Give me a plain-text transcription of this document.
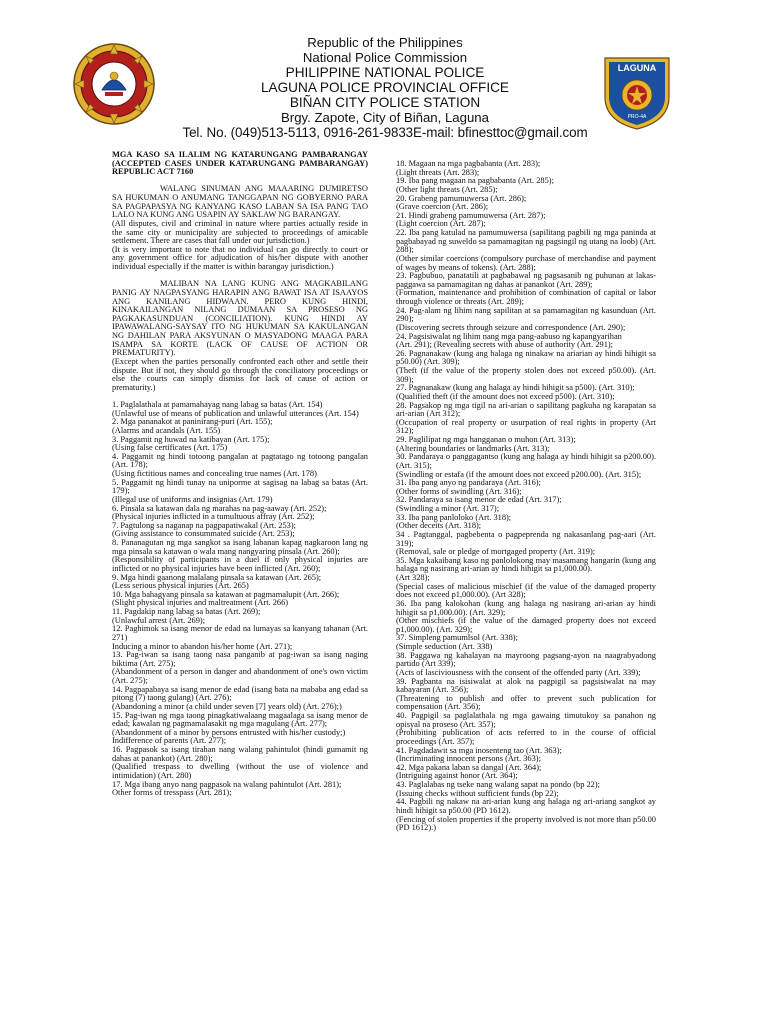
Republic of the Philippines
National Police Commission
PHILIPPINE NATIONAL POLICE
LAGUNA POLICE PROVINCIAL OFFICE
BIÑAN CITY POLICE STATION
Brgy. Zapote, City of Biñan, Laguna
Tel. No. (049)513-5113, 0916-261-9833E-mail: bfinesttoc@gmail.com
LAGUNA
PRO-4A

MGA KASO SA ILALIM NG KATARUNGANG PAMBARANGAY (ACCEPTED CASES UNDER KATARUNGANG PAMBARANGAY) REPUBLIC ACT 7160

WALANG SINUMAN ANG MAAARING DUMIRETSO SA HUKUMAN O ANUMANG TANGGAPAN NG GOBYERNO PARA SA PAGPAPASYA NG KANYANG KASO LABAN SA ISA PANG TAO LALO NA KUNG ANG USAPIN AY SAKLAW NG BARANGAY.

(All disputes, civil and criminal in nature where parties actually reside in the same city or municipality are subjected to proceedings of amicable settlement. There are cases that fall under our jurisdiction.)

(It is very important to note that no individual can go directly to court or any government office for adjudication of his/her dispute with another individual especially if the matter is within barangay jurisdiction.)

MALIBAN NA LANG KUNG ANG MAGKABILANG PANIG AY NAGPASYANG HARAPIN ANG BAWAT ISA AT ISAAYOS ANG KANILANG HIDWAAN. PERO KUNG HINDI, KINAKAILANGAN NILANG DUMAAN SA PROSESO NG PAGKAKASUNDUAN (CONCILIATION). KUNG HINDI AY IPAWAWALANG-SAYSAY ITO NG HUKUMAN SA KAKULANGAN NG DAHILAN PARA AKSYUNAN O MASYADONG MAAGA PARA ISAMPA SA KORTE (LACK OF CAUSE OF ACTION OR PREMATURITY).

(Except when the parties personally confronted each other and settle their dispute. But if not, they should go through the conciliatory proceedings or else the courts can simply dismiss for lack of cause of action or prematurity.)

1. Paglalathala at pamamahayag nang labag sa batas (Art. 154)

(Unlawful use of means of publication and unlawful utterances (Art. 154)

2. Mga pananakot at paninirang-puri (Art. 155);

(Alarms and acandals (Art. 155)

3. Paggamit ng huwad na katibayan (Art. 175);

(Using false certificates (Art. 175)

4. Paggamit ng hindi totoong pangalan at pagtatago ng totoong pangalan (Art. 178);

(Using fictitious names and concealing true names (Art. 178)

5. Paggamit ng hindi tunay na uniporme at sagisag na labag sa batas (Art. 179);

(Illegal use of uniforms and insignias (Art. 179)

6. Pinsala sa katawan dala ng marahas na pag-aaway (Art. 252);

(Physical injuries inflicted in a tumultuous affray (Art. 252);

7. Pagtulong sa naganap na pagpapatiwakal (Art. 253);

(Giving assistance to consummated suicide (Art. 253);

8. Pananagutan ng mga sangkot sa isang labanan kapag nagkaroon lang ng mga pinsala sa katawan o wala mang nangyaring pinsala (Art. 260);

(Responsibility of participants in a duel if only physical injuries are inflicted or no physical injuries have been inflicted (Art. 260);

9. Mga hindi gaanong malalang pinsala sa katawan (Art. 265);

(Less serious physical injuries (Art. 265)

10. Mga bahagyang pinsala sa katawan at pagmamalupit (Art. 266);

(Slight physical injuries and maltreatment (Art. 266)

11. Pagdakip nang labag sa batas (Art. 269);

(Unlawful arrest (Art. 269);

12. Paghimok sa isang menor de edad na lumayas sa kanyang tahanan (Art. 271)

Inducing a minor to abandon his/her home (Art. 271);

13. Pag-iwan sa isang taong nasa panganib at pag-iwan sa isang naging biktima (Art. 275);

(Abandonment of a person in danger and abandonment of one's own victim (Art. 275);

14. Pagpapabaya sa isang menor de edad (isang bata na mababa ang edad sa pitong (7) taong gulang) (Art. 276);

(Abandoning a minor (a child under seven [7] years old) (Art. 276);)

15. Pag-iwan ng mga taong pinagkatiwalaang magaalaga sa isang menor de edad; kawalan ng pagmamalasakit ng mga magulang (Art. 277);

(Abandonment of a minor by persons entrusted with his/her custody;)

Indifference of parents (Art. 277);

16. Pagpasok sa isang tirahan nang walang pahintulot (hindi gumamit ng dahas at panankot) (Art. 280);

(Qualified trespass to dwelling (without the use of violence and intimidation) (Art. 280)

17. Mga ibang anyo nang pagpasok na walang pahintulot (Art. 281);

Other forms of tresspass (Art. 281);

18. Magaan na mga pagbabanta (Art. 283);

(Light threats (Art. 283);

19. Iba pang magaan na pagbabanta (Art. 285);

(Other light threats (Art. 285);

20. Grabeng pamumuwersa (Art. 286);

(Grave coercion (Art. 286);

21. Hindi grabeng pamumuwersa (Art. 287);

(Light coercion (Art. 287);

22. Iba pang katulad na pamumuwersa (sapilitang pagbili ng mga paninda at pagbabayad ng suweldo sa pamamagitan ng pagsingil ng utang na loob) (Art. 288);

(Other similar coercions (compulsory purchase of merchandise and payment of wages by means of tokens). (Art. 288);

23. Pagbubuo, panatatili at pagbabawal ng pagsasanib ng puhunan at lakas-paggawa sa pamamagitan ng dahas at panankot (Art. 289);

(Formation, maintenance and prohibition of combination of capital or labor through violence or threats (Art. 289);

24. Pag-alam ng lihim nang sapilitan at sa pamamagitan ng kasunduan (Art. 290);

(Discovering secrets through seizure and correspondence (Art. 290);

24. Pagsisiwalat ng lihim nang mga pang-aabuso ng kapangyarihan

(Art. 291); (Revealing secrets with abuse of authority (Art. 291);

26. Pagnanakaw (kung ang halaga ng ninakaw na ariarian ay hindi hihigit sa p50.00) (Art. 309);

(Theft (if the value of the property stolen does not exceed p50.00). (Art. 309);

27. Pagnanakaw (kung ang halaga ay hindi hihigit sa p500). (Art. 310);

(Qualified theft (if the amount does not exceed p500). (Art. 310);

28. Pagsakop ng mga tigil na ari-arian o sapilitang pagkuha ng karapatan sa ari-arian (Art 312);

(Occupation of real property or usurpation of real rights in property (Art 312);

29. Paglilipat ng mga hangganan o muhon (Art. 313);

(Altering boundaries or landmarks (Art. 313);

30. Pandaraya o panggagantso (kung ang halaga ay hindi hihigit sa p200.00). (Art. 315);

(Swindling or estafa (if the amount does not exceed p200.00). (Art. 315);

31. Iba pang anyo ng pandaraya (Art. 316);

(Other forms of swindling (Art. 316);

32. Pandaraya sa isang menor de edad (Art. 317);

(Swindling a minor (Art. 317);

33. Iba pang panloloko (Art. 318);

(Other deceits (Art. 318);

34 . Pagtanggal, pagbebenta o pagpeprenda ng nakasanlang pag-aari (Art. 319);

(Removal, sale or pledge of mortgaged property (Art. 319);

35. Mga kakaibang kaso ng panlolokong may masamang hangarin (kung ang halaga ng nasirang ari-arian ay hindi hihigit sa p1,000.00).

(Art 328);

(Special cases of malicious mischief (if the value of the damaged property does not exceed p1,000.00). (Art 328);

36. Iba pang kalokohan (kung ang halaga ng nasirang ari-arian ay hindi hihigit sa p1,000.00). (Art. 329);

(Other mischiefs (if the value of the damaged property does not exceed p1,000.00). (Art. 329);

37. Simpleng pamumlsol (Art. 338);

(Simple seduction (Art. 338)

38. Paggawa ng kahalayan na mayroong pagsang-ayon na naagrabyadong partido (Art 339);

(Acts of lasciviousness with the consent of the offended party (Art. 339);

39. Pagbanta na isisiwalat at alok na pagpigil sa pagsisiwalat na may kabayaran (Art. 356);

(Threatening to publish and offer to prevent such publication for compensation (Art. 356);

40. Pagpigil sa paglalathala ng mga gawaing timutukoy sa panahon ng opisyal na proseso (Art. 357);

(Prohibiting publication of acts referred to in the course of official proceedings (Art. 357);

41. Pagdadawit sa mga inosenteng tao (Art. 363);

(Incriminating innocent persons (Art. 363);

42. Mga pakana laban sa dangal (Art. 364);

(Intriguing against honor (Art. 364);

43. Paglalabas ng tseke nang walang sapat na pondo (bp 22);

(Issuing checks without sufficient funds (bp 22);

44. Pagbili ng nakaw na ari-arian kung ang halaga ng ari-ariang sangkot ay hindi hihigit sa p50.00 (PD 1612).

(Fencing of stolen properties if the property involved is not more than p50.00 (PD 1612).)
